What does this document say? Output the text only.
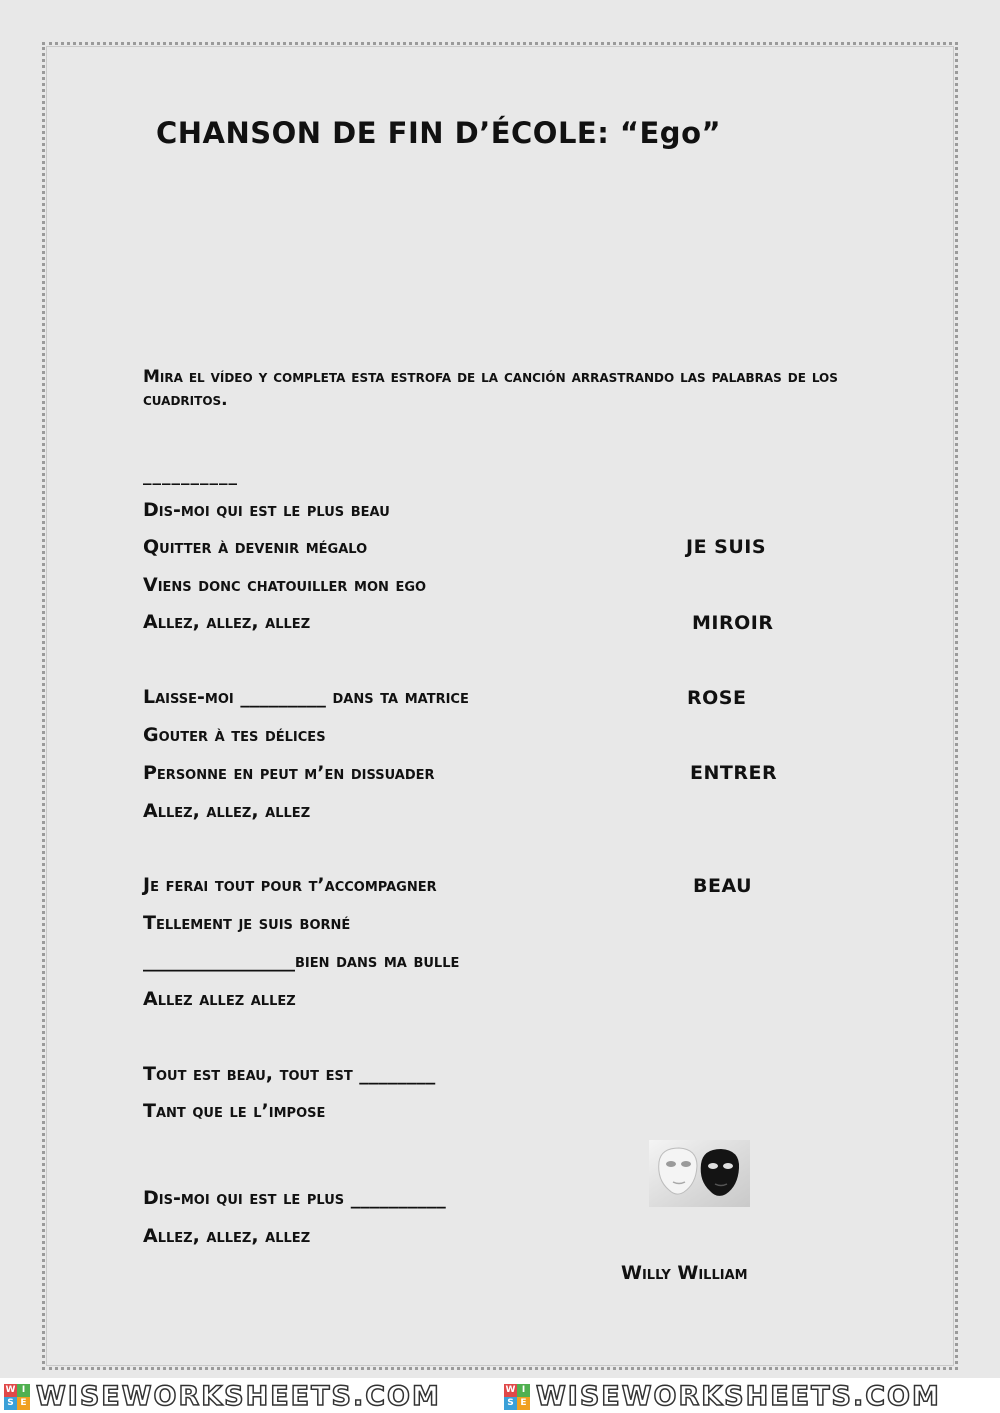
CHANSON DE FIN D’ÉCOLE: “Ego”
Mira el vídeo y completa esta estrofa de la canción arrastrando las palabras de los cuadritos.
__________
Dis-moi qui est le plus beau
Quitter à devenir mégalo
Viens donc chatouiller mon ego
Allez, allez, allez
Laisse-moi _________ dans ta matrice
Gouter à tes délices
Personne en peut m’en dissuader
Allez, allez, allez
Je ferai tout pour t’accompagner
Tellement je suis borné
________________bien dans ma bulle
Allez allez allez
Tout est beau, tout est ________
Tant que le l’impose
Dis-moi qui est le plus __________
Allez, allez, allez
JE SUIS
MIROIR
ROSE
ENTRER
BEAU
Willy William
W I
S E WISEWORKSHEETS.COM	W I
S E WISEWORKSHEETS.COM
